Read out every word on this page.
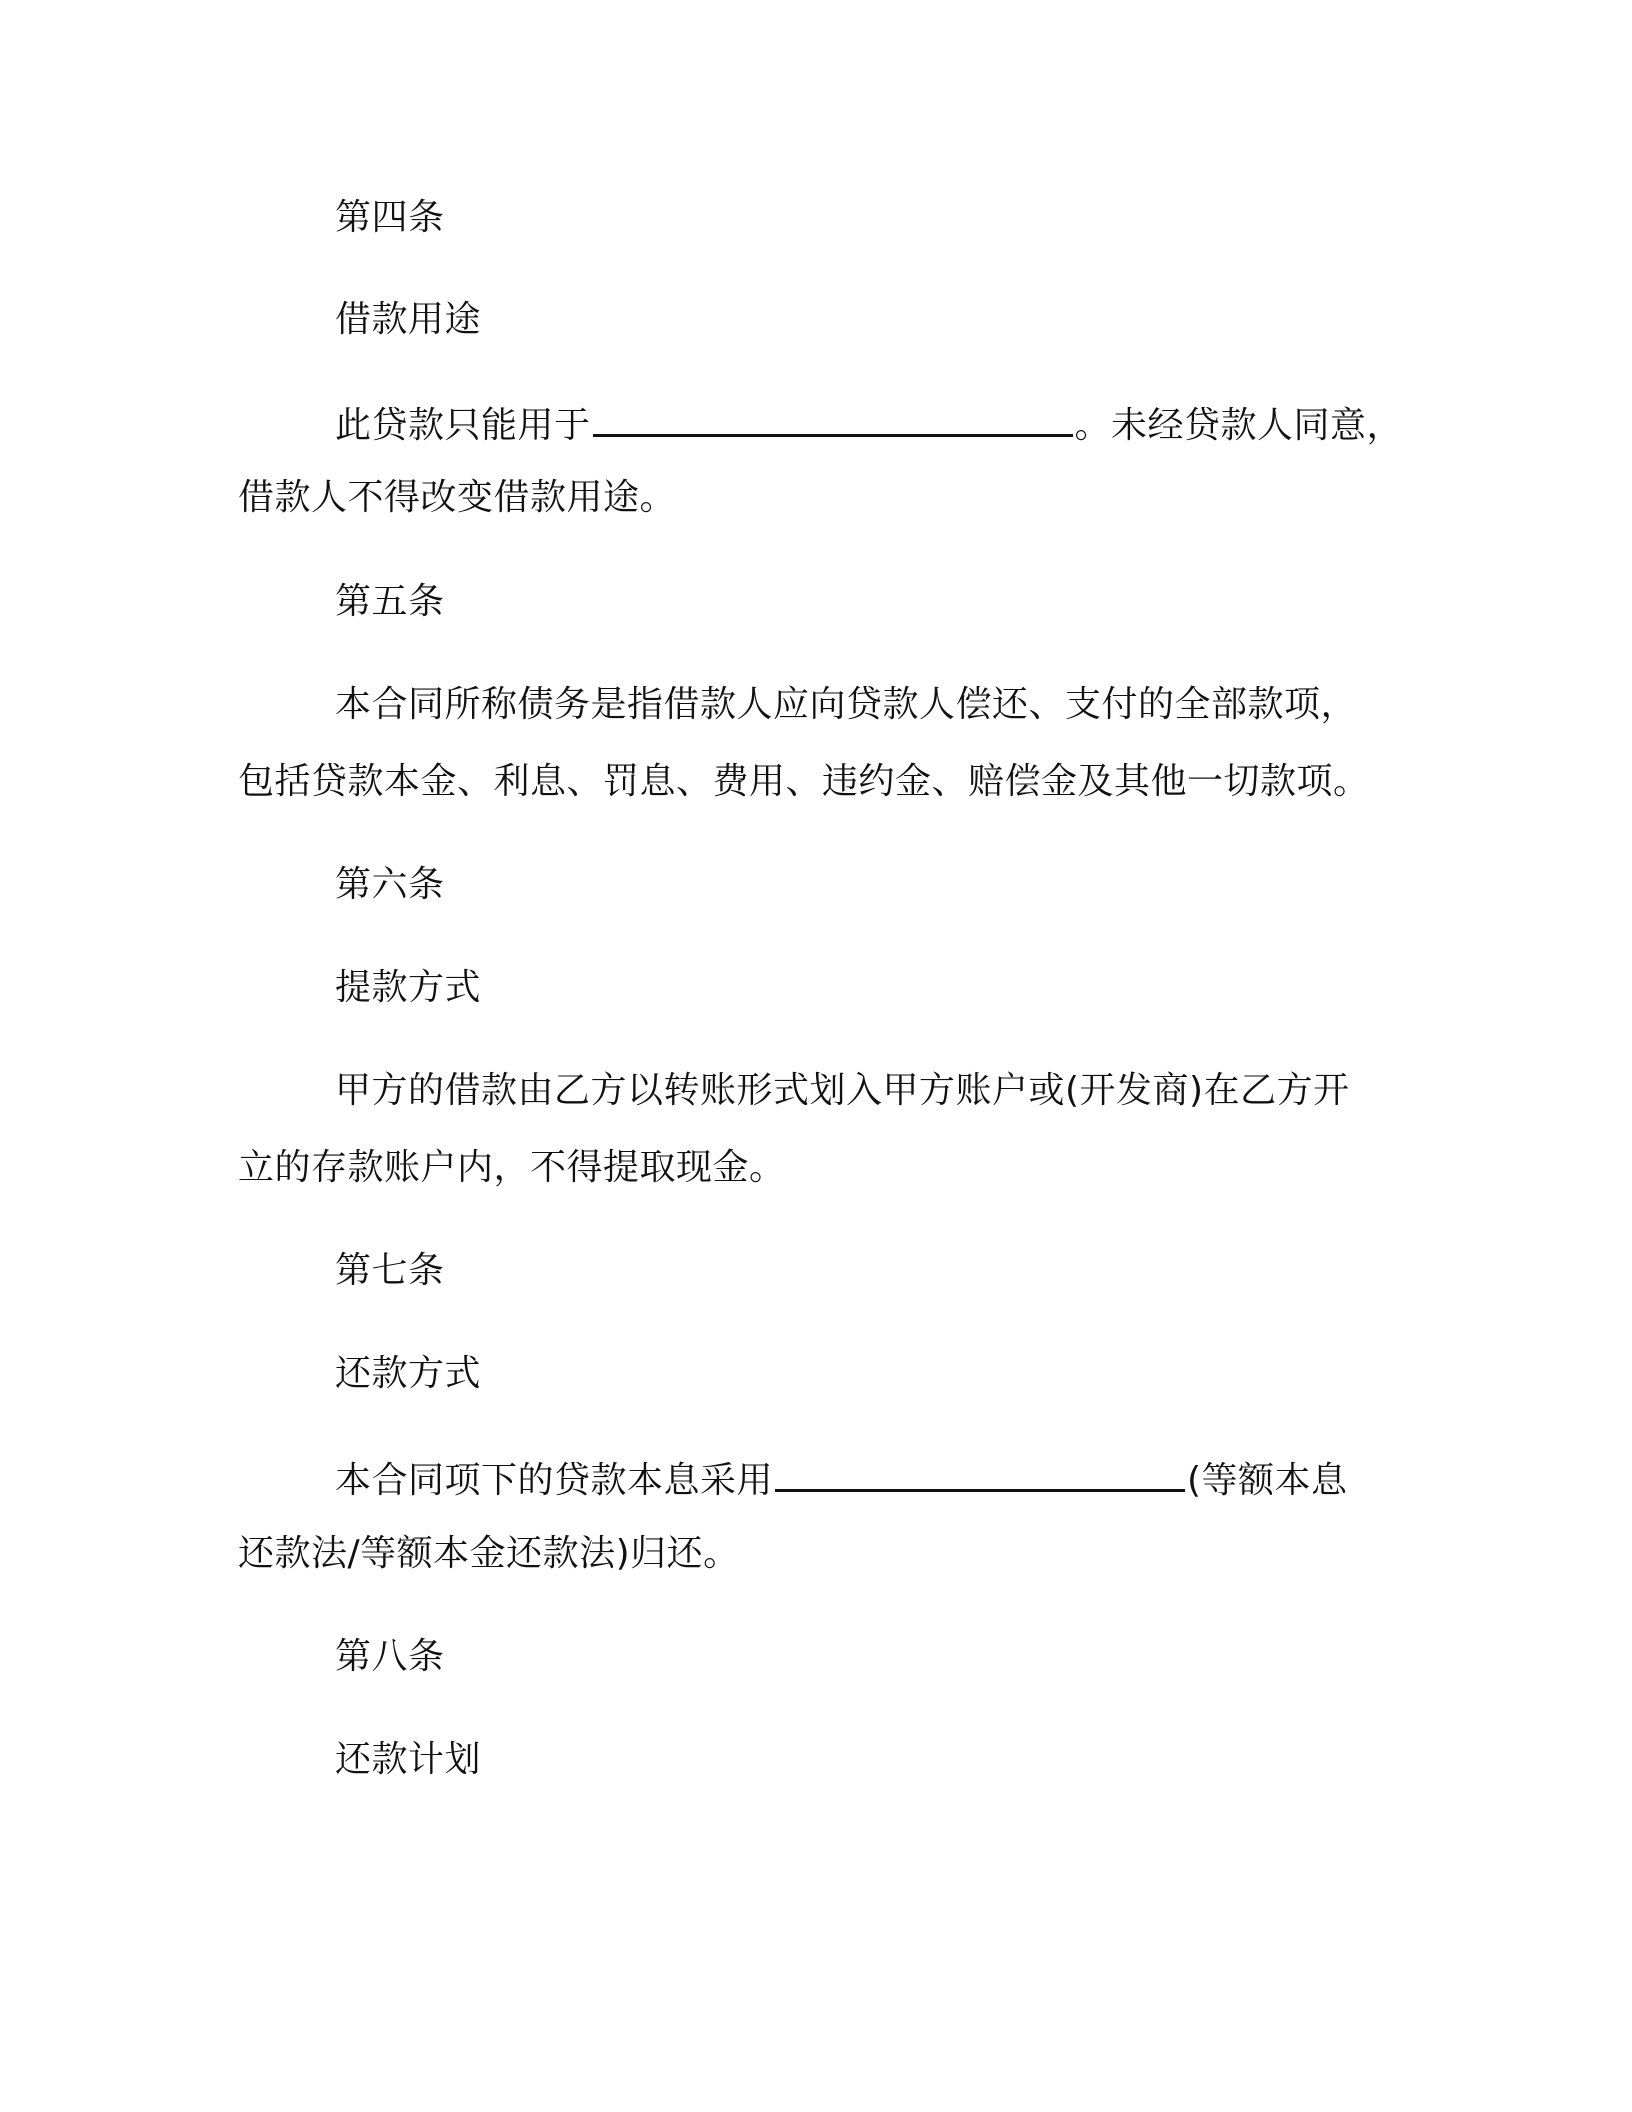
第四条
借款用途
此贷款只能用于	。未经贷款人同意，
借款人不得改变借款用途。
第五条
本合同所称债务是指借款人应向贷款人偿还、支付的全部款项，
包括贷款本金、利息、罚息、费用、违约金、赔偿金及其他一切款项。
第六条
提款方式
甲方的借款由乙方以转账形式划入甲方账户或(开发商)在乙方开
立的存款账户内，不得提取现金。
第七条
还款方式
本合同项下的贷款本息采用	(等额本息
还款法/等额本金还款法)归还。
第八条
还款计划
